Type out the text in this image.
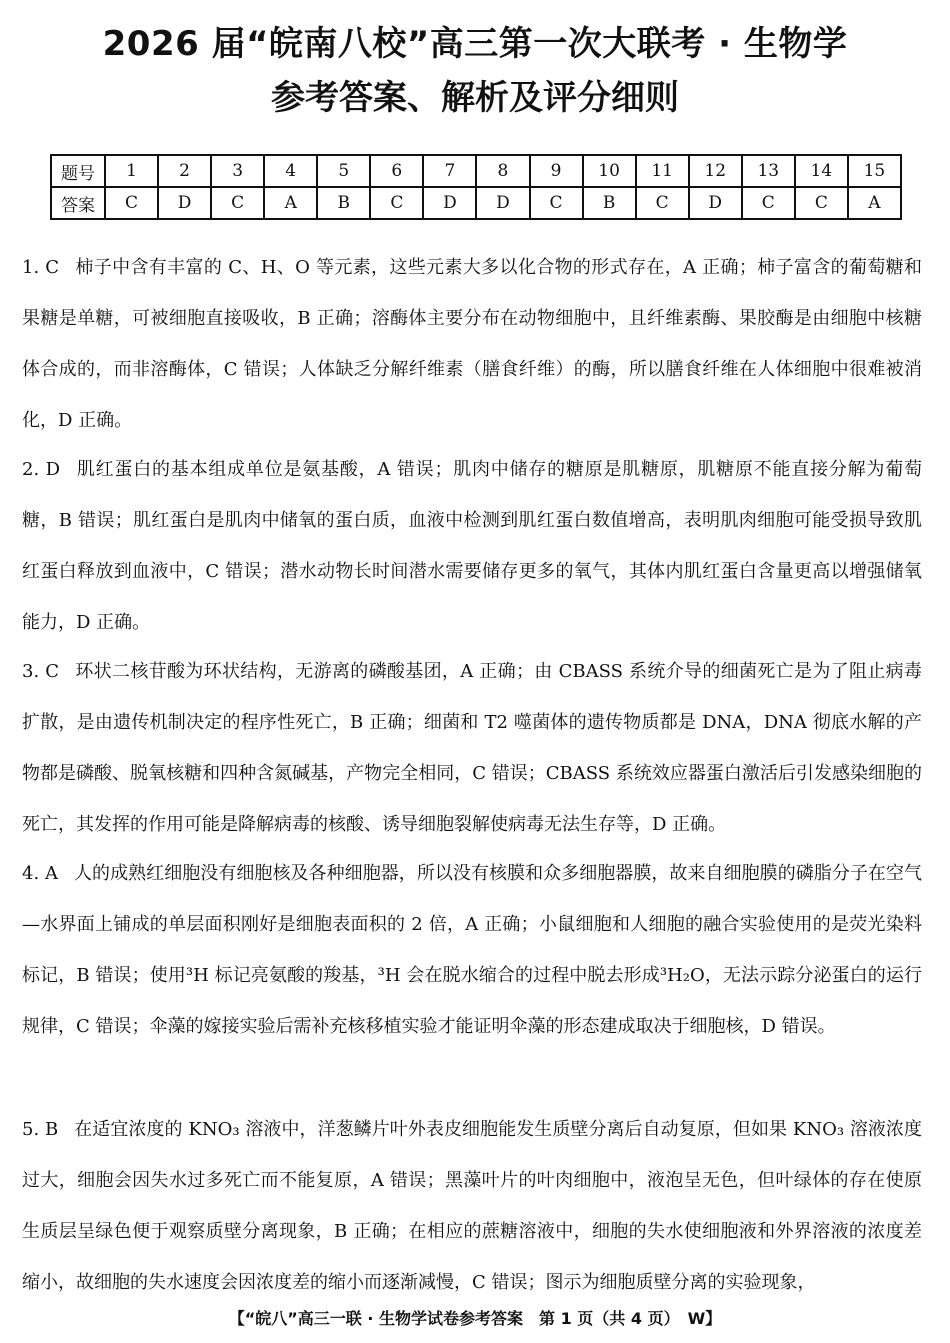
2026 届“皖南八校”高三第一次大联考 · 生物学
参考答案、解析及评分细则
题号	1	2	3	4	5	6	7	8	9	10	11	12	13	14	15
答案	C	D	C	A	B	C	D	D	C	B	C	D	C	C	A
1. C 柿子中含有丰富的 C、H、O 等元素，这些元素大多以化合物的形式存在，A 正确；柿子富含的葡萄糖和果糖是单糖，可被细胞直接吸收，B 正确；溶酶体主要分布在动物细胞中，且纤维素酶、果胶酶是由细胞中核糖体合成的，而非溶酶体，C 错误；人体缺乏分解纤维素（膳食纤维）的酶，所以膳食纤维在人体细胞中很难被消化，D 正确。
2. D 肌红蛋白的基本组成单位是氨基酸，A 错误；肌肉中储存的糖原是肌糖原，肌糖原不能直接分解为葡萄糖，B 错误；肌红蛋白是肌肉中储氧的蛋白质，血液中检测到肌红蛋白数值增高，表明肌肉细胞可能受损导致肌红蛋白释放到血液中，C 错误；潜水动物长时间潜水需要储存更多的氧气，其体内肌红蛋白含量更高以增强储氧能力，D 正确。
3. C 环状二核苷酸为环状结构，无游离的磷酸基团，A 正确；由 CBASS 系统介导的细菌死亡是为了阻止病毒扩散，是由遗传机制决定的程序性死亡，B 正确；细菌和 T2 噬菌体的遗传物质都是 DNA，DNA 彻底水解的产物都是磷酸、脱氧核糖和四种含氮碱基，产物完全相同，C 错误；CBASS 系统效应器蛋白激活后引发感染细胞的死亡，其发挥的作用可能是降解病毒的核酸、诱导细胞裂解使病毒无法生存等，D 正确。
4. A 人的成熟红细胞没有细胞核及各种细胞器，所以没有核膜和众多细胞器膜，故来自细胞膜的磷脂分子在空气—水界面上铺成的单层面积刚好是细胞表面积的 2 倍，A 正确；小鼠细胞和人细胞的融合实验使用的是荧光染料标记，B 错误；使用³H 标记亮氨酸的羧基，³H 会在脱水缩合的过程中脱去形成³H₂O，无法示踪分泌蛋白的运行规律，C 错误；伞藻的嫁接实验后需补充核移植实验才能证明伞藻的形态建成取决于细胞核，D 错误。
5. B 在适宜浓度的 KNO₃ 溶液中，洋葱鳞片叶外表皮细胞能发生质壁分离后自动复原，但如果 KNO₃ 溶液浓度过大，细胞会因失水过多死亡而不能复原，A 错误；黑藻叶片的叶肉细胞中，液泡呈无色，但叶绿体的存在使原生质层呈绿色便于观察质壁分离现象，B 正确；在相应的蔗糖溶液中，细胞的失水使细胞液和外界溶液的浓度差缩小，故细胞的失水速度会因浓度差的缩小而逐渐减慢，C 错误；图示为细胞质壁分离的实验现象，
【“皖八”高三一联 · 生物学试卷参考答案　第 1 页（共 4 页）　W】
